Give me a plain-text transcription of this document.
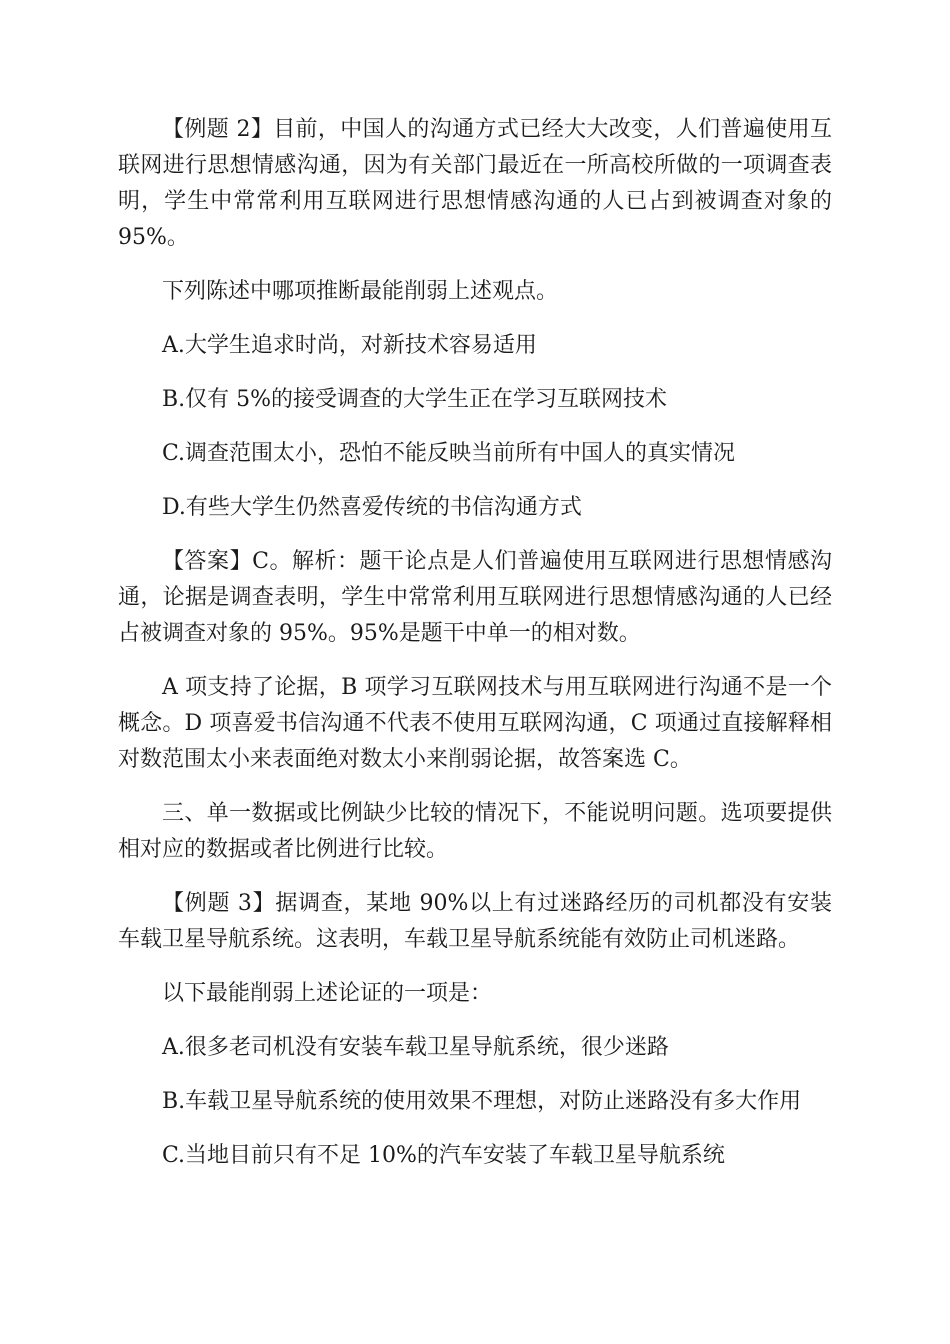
【例题 2】目前，中国人的沟通方式已经大大改变，人们普遍使用互联网进行思想情感沟通，因为有关部门最近在一所高校所做的一项调查表明，学生中常常利用互联网进行思想情感沟通的人已占到被调查对象的 95%。

下列陈述中哪项推断最能削弱上述观点。

A.大学生追求时尚，对新技术容易适用

B.仅有 5%的接受调查的大学生正在学习互联网技术

C.调查范围太小，恐怕不能反映当前所有中国人的真实情况

D.有些大学生仍然喜爱传统的书信沟通方式

【答案】C。解析：题干论点是人们普遍使用互联网进行思想情感沟通，论据是调查表明，学生中常常利用互联网进行思想情感沟通的人已经占被调查对象的 95%。95%是题干中单一的相对数。

A 项支持了论据，B 项学习互联网技术与用互联网进行沟通不是一个概念。D 项喜爱书信沟通不代表不使用互联网沟通，C 项通过直接解释相对数范围太小来表面绝对数太小来削弱论据，故答案选 C。

三、单一数据或比例缺少比较的情况下，不能说明问题。选项要提供相对应的数据或者比例进行比较。

【例题 3】据调查，某地 90%以上有过迷路经历的司机都没有安装车载卫星导航系统。这表明，车载卫星导航系统能有效防止司机迷路。

以下最能削弱上述论证的一项是：

A.很多老司机没有安装车载卫星导航系统，很少迷路

B.车载卫星导航系统的使用效果不理想，对防止迷路没有多大作用

C.当地目前只有不足 10%的汽车安装了车载卫星导航系统
